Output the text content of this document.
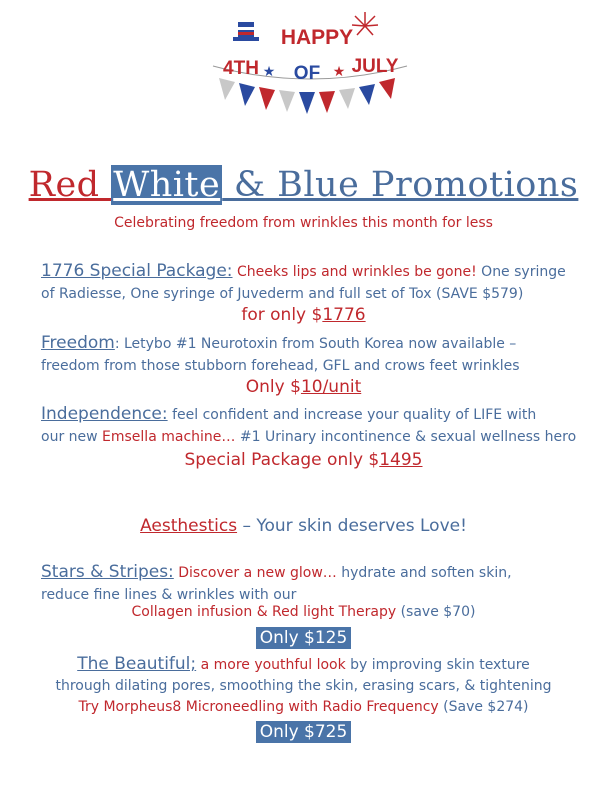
HAPPY
4TH ★ OF ★ JULY
Red White & Blue Promotions
Celebrating freedom from wrinkles this month for less
1776 Special Package: Cheeks lips and wrinkles be gone! One syringe
of Radiesse, One syringe of Juvederm and full set of Tox (SAVE $579)
for only $1776
Freedom: Letybo #1 Neurotoxin from South Korea now available –
freedom from those stubborn forehead, GFL and crows feet wrinkles
Only $10/unit
Independence: feel confident and increase your quality of LIFE with
our new Emsella machine… #1 Urinary incontinence & sexual wellness hero
Special Package only $1495
Aesthestics – Your skin deserves Love!
Stars & Stripes: Discover a new glow… hydrate and soften skin,
reduce fine lines & wrinkles with our
Collagen infusion & Red light Therapy (save $70)
Only $125
The Beautiful; a more youthful look by improving skin texture
through dilating pores, smoothing the skin, erasing scars, & tightening
Try Morpheus8 Microneedling with Radio Frequency (Save $274)
Only $725
